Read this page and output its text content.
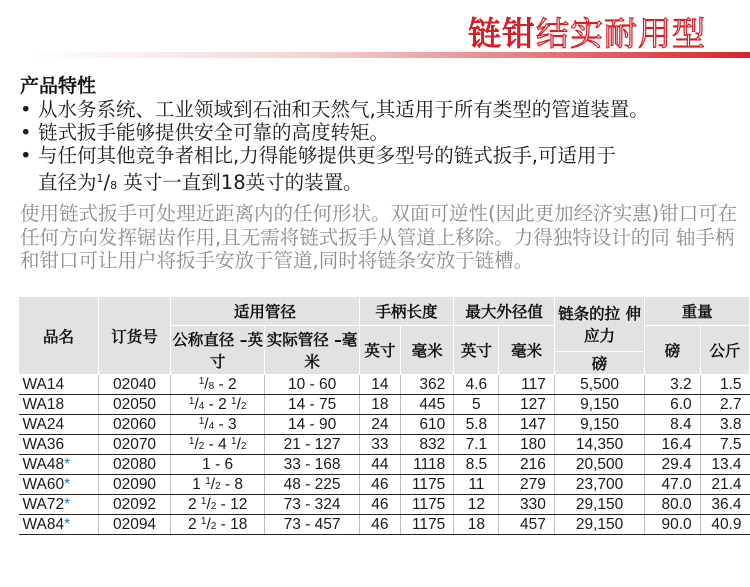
链钳结实耐用型
产品特性
• 从水务系统、工业领域到石油和天然气,其适用于所有类型的管道装置。
• 链式扳手能够提供安全可靠的高度转矩。
• 与任何其他竞争者相比,力得能够提供更多型号的链式扳手,可适用于
直径为$^1$/8 英寸一直到18英寸的装置。
使用链式扳手可处理近距离内的任何形状。双面可逆性(因此更加经济实惠)钳口可在任何方向发挥锯齿作用,且无需将链式扳手从管道上移除。力得独特设计的同 轴手柄和钳口可让用户将扳手安放于管道,同时将链条安放于链槽。
品名	订货号	适用管径		手柄长度		最大外径值		链条的拉 伸应力	重量	
		公称直径 –英寸	实际管径 –毫米	英寸	毫米	英寸	毫米		磅	公斤
								磅		
WA14	02040	$^1$/8 - 2	10 - 60	14	362	4.6	117	5,500	3.2	1.5
WA18	02050	$^1$/4 - 2 $^1$/2	14 - 75	18	445	5	127	9,150	6.0	2.7
WA24	02060	$^1$/4 - 3	14 - 90	24	610	5.8	147	9,150	8.4	3.8
WA36	02070	$^1$/2 - 4 $^1$/2	21 - 127	33	832	7.1	180	14,350	16.4	7.5
WA48*	02080	1 - 6	33 - 168	44	1118	8.5	216	20,500	29.4	13.4
WA60*	02090	1 $^1$/2 - 8	48 - 225	46	1175	11	279	23,700	47.0	21.4
WA72*	02092	2 $^1$/2 - 12	73 - 324	46	1175	12	330	29,150	80.0	36.4
WA84*	02094	2 $^1$/2 - 18	73 - 457	46	1175	18	457	29,150	90.0	40.9
